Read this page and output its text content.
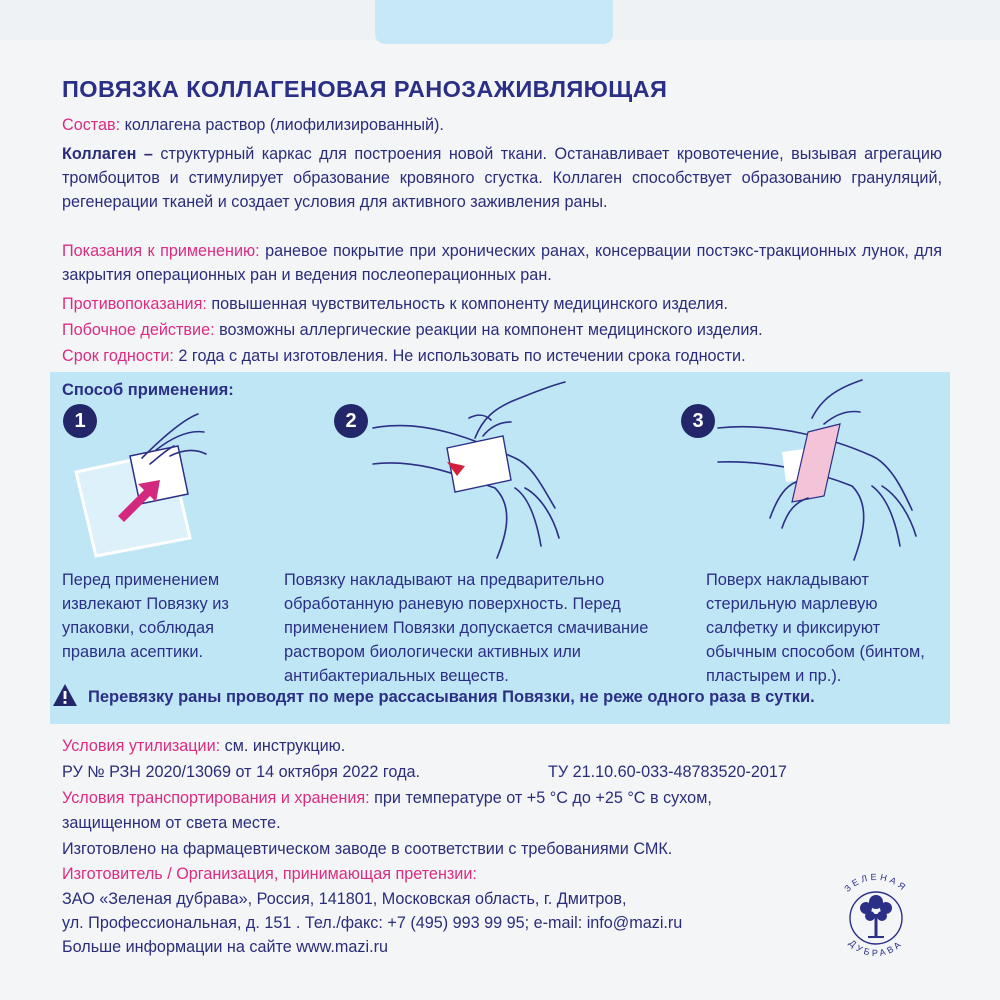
ПОВЯЗКА КОЛЛАГЕНОВАЯ РАНОЗАЖИВЛЯЮЩАЯ
Состав: коллагена раствор (лиофилизированный).
Коллаген – структурный каркас для построения новой ткани. Останавливает кровотечение, вызывая агрегацию тромбоцитов и стимулирует образование кровяного сгустка. Коллаген способствует образованию грануляций, регенерации тканей и создает условия для активного заживления раны.
Показания к применению: раневое покрытие при хронических ранах, консервации постэкс-тракционных лунок, для закрытия операционных ран и ведения послеоперационных ран.
Противопоказания: повышенная чувствительность к компоненту медицинского изделия.
Побочное действие: возможны аллергические реакции на компонент медицинского изделия.
Срок годности: 2 года с даты изготовления. Не использовать по истечении срока годности.
Способ применения:
1	2	3
Перед применением извлекают Повязку из упаковки, соблюдая правила асептики.
Повязку накладывают на предварительно обработанную раневую поверхность. Перед применением Повязки допускается смачивание раствором биологически активных или антибактериальных веществ.
Поверх накладывают стерильную марлевую салфетку и фиксируют обычным способом (бинтом, пластырем и пр.).
Перевязку раны проводят по мере рассасывания Повязки, не реже одного раза в сутки.
Условия утилизации: см. инструкцию.
РУ № РЗН 2020/13069 от 14 октября 2022 года.	ТУ 21.10.60-033-48783520-2017
Условия транспортирования и хранения: при температуре от +5 °С до +25 °С в сухом,
защищенном от света месте.
Изготовлено на фармацевтическом заводе в соответствии с требованиями СМК.
Изготовитель / Организация, принимающая претензии:
ЗАО «Зеленая дубрава», Россия, 141801, Московская область, г. Дмитров,
ул. Профессиональная, д. 151 . Тел./факс: +7 (495) 993 99 95; e-mail: info@mazi.ru
Больше информации на сайте www.mazi.ru
ЗЕЛЕНАЯ
ДУБРАВА
